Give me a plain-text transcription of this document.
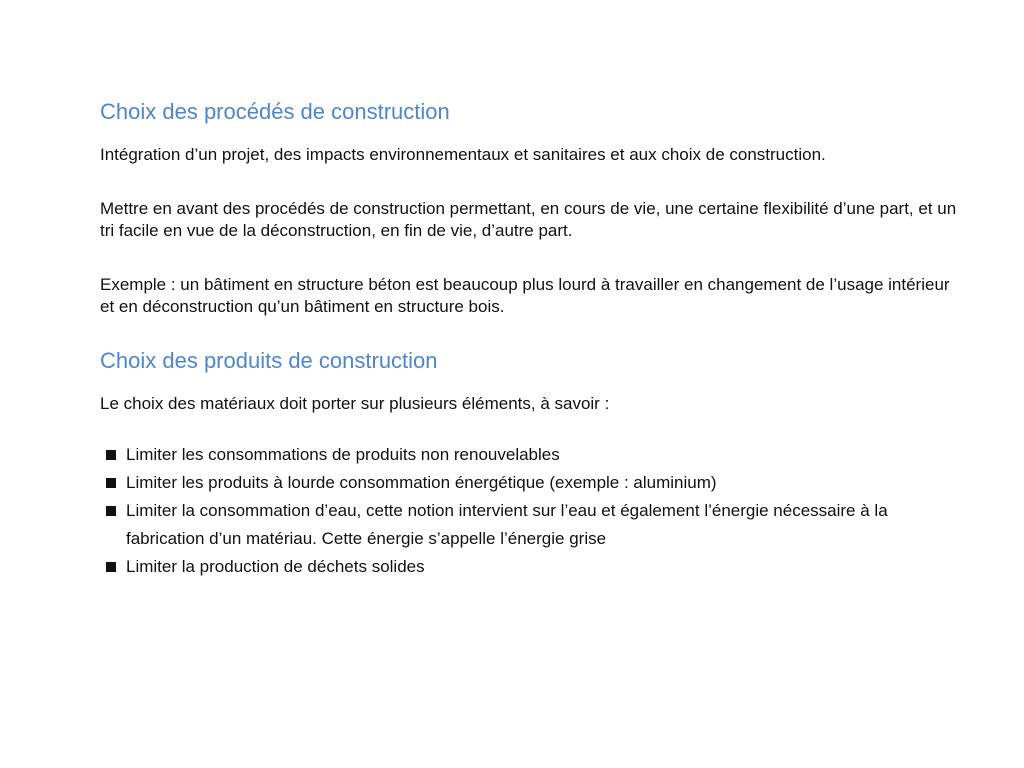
Choix des procédés de construction

Intégration d’un projet, des impacts environnementaux et sanitaires et aux choix de construction.

Mettre en avant des procédés de construction permettant, en cours de vie, une certaine flexibilité d’une part, et un tri facile en vue de la déconstruction, en fin de vie, d’autre part.

Exemple : un bâtiment en structure béton est beaucoup plus lourd à travailler en changement de l’usage intérieur et en déconstruction qu’un bâtiment en structure bois.

Choix des produits de construction

Le choix des matériaux doit porter sur plusieurs éléments, à savoir :

Limiter les consommations de produits non renouvelables
Limiter les produits à lourde consommation énergétique (exemple : aluminium)
Limiter la consommation d’eau, cette notion intervient sur l’eau et également l’énergie nécessaire à la fabrication d’un matériau. Cette énergie s’appelle l’énergie grise
Limiter la production de déchets solides
